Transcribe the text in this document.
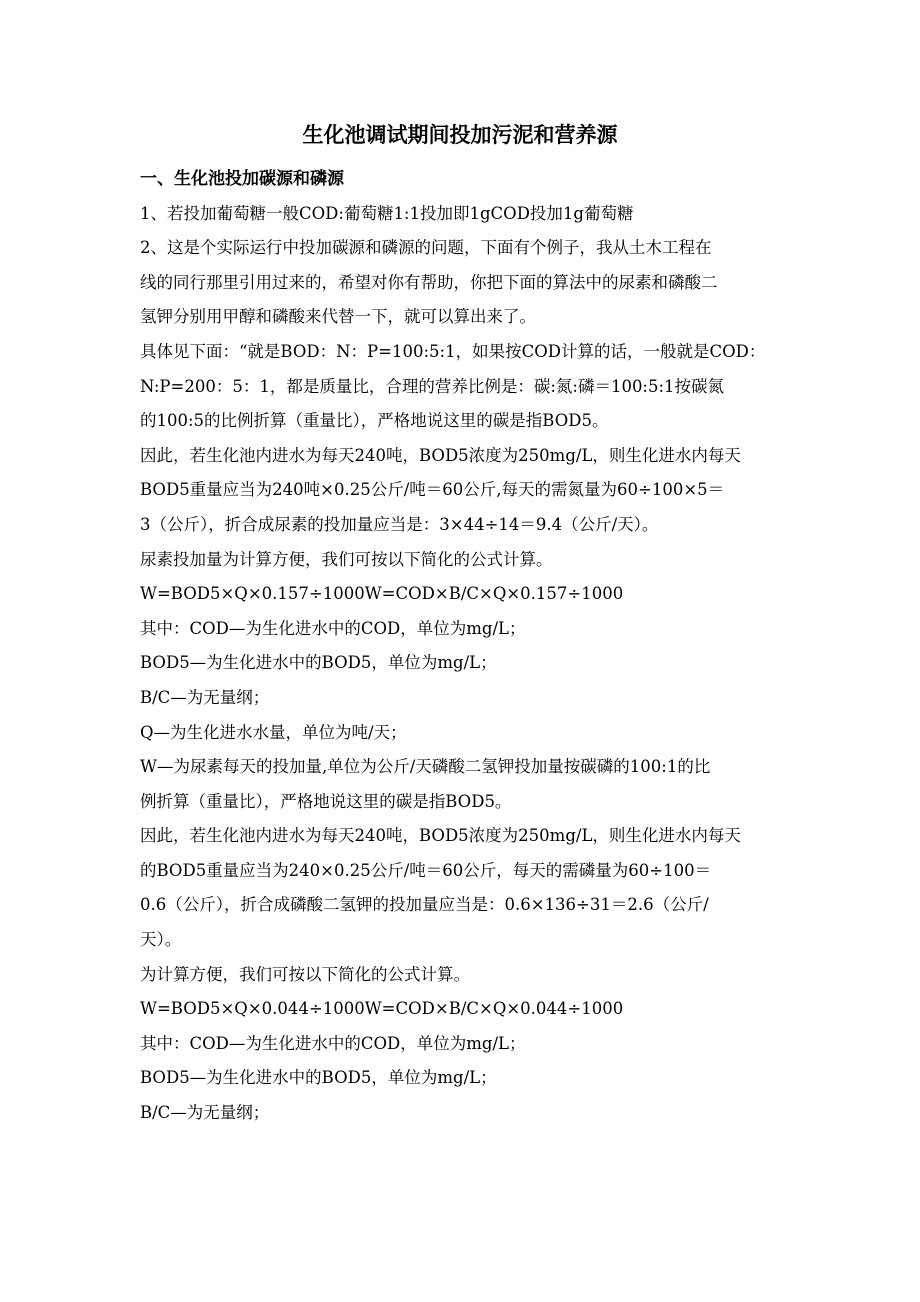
生化池调试期间投加污泥和营养源
一、生化池投加碳源和磷源
1、若投加葡萄糖一般COD:葡萄糖1:1投加即1gCOD投加1g葡萄糖
2、这是个实际运行中投加碳源和磷源的问题，下面有个例子，我从土木工程在
线的同行那里引用过来的，希望对你有帮助，你把下面的算法中的尿素和磷酸二
氢钾分别用甲醇和磷酸来代替一下，就可以算出来了。
具体见下面：“就是BOD：N：P=100:5:1，如果按COD计算的话，一般就是COD：
N:P=200：5：1，都是质量比，合理的营养比例是：碳:氮:磷＝100:5:1按碳氮
的100:5的比例折算（重量比），严格地说这里的碳是指BOD5。
因此，若生化池内进水为每天240吨，BOD5浓度为250mg/L，则生化进水内每天
BOD5重量应当为240吨×0.25公斤/吨＝60公斤,每天的需氮量为60÷100×5＝
3（公斤），折合成尿素的投加量应当是：3×44÷14＝9.4（公斤/天）。
尿素投加量为计算方便，我们可按以下简化的公式计算。
W=BOD5×Q×0.157÷1000W=COD×B/C×Q×0.157÷1000
其中：COD—为生化进水中的COD，单位为mg/L；
BOD5—为生化进水中的BOD5，单位为mg/L；
B/C—为无量纲；
Q—为生化进水水量，单位为吨/天；
W—为尿素每天的投加量,单位为公斤/天磷酸二氢钾投加量按碳磷的100:1的比
例折算（重量比），严格地说这里的碳是指BOD5。
因此，若生化池内进水为每天240吨，BOD5浓度为250mg/L，则生化进水内每天
的BOD5重量应当为240×0.25公斤/吨＝60公斤，每天的需磷量为60÷100＝
0.6（公斤），折合成磷酸二氢钾的投加量应当是：0.6×136÷31＝2.6（公斤/
天）。
为计算方便，我们可按以下简化的公式计算。
W=BOD5×Q×0.044÷1000W=COD×B/C×Q×0.044÷1000
其中：COD—为生化进水中的COD，单位为mg/L；
BOD5—为生化进水中的BOD5，单位为mg/L；
B/C—为无量纲；
